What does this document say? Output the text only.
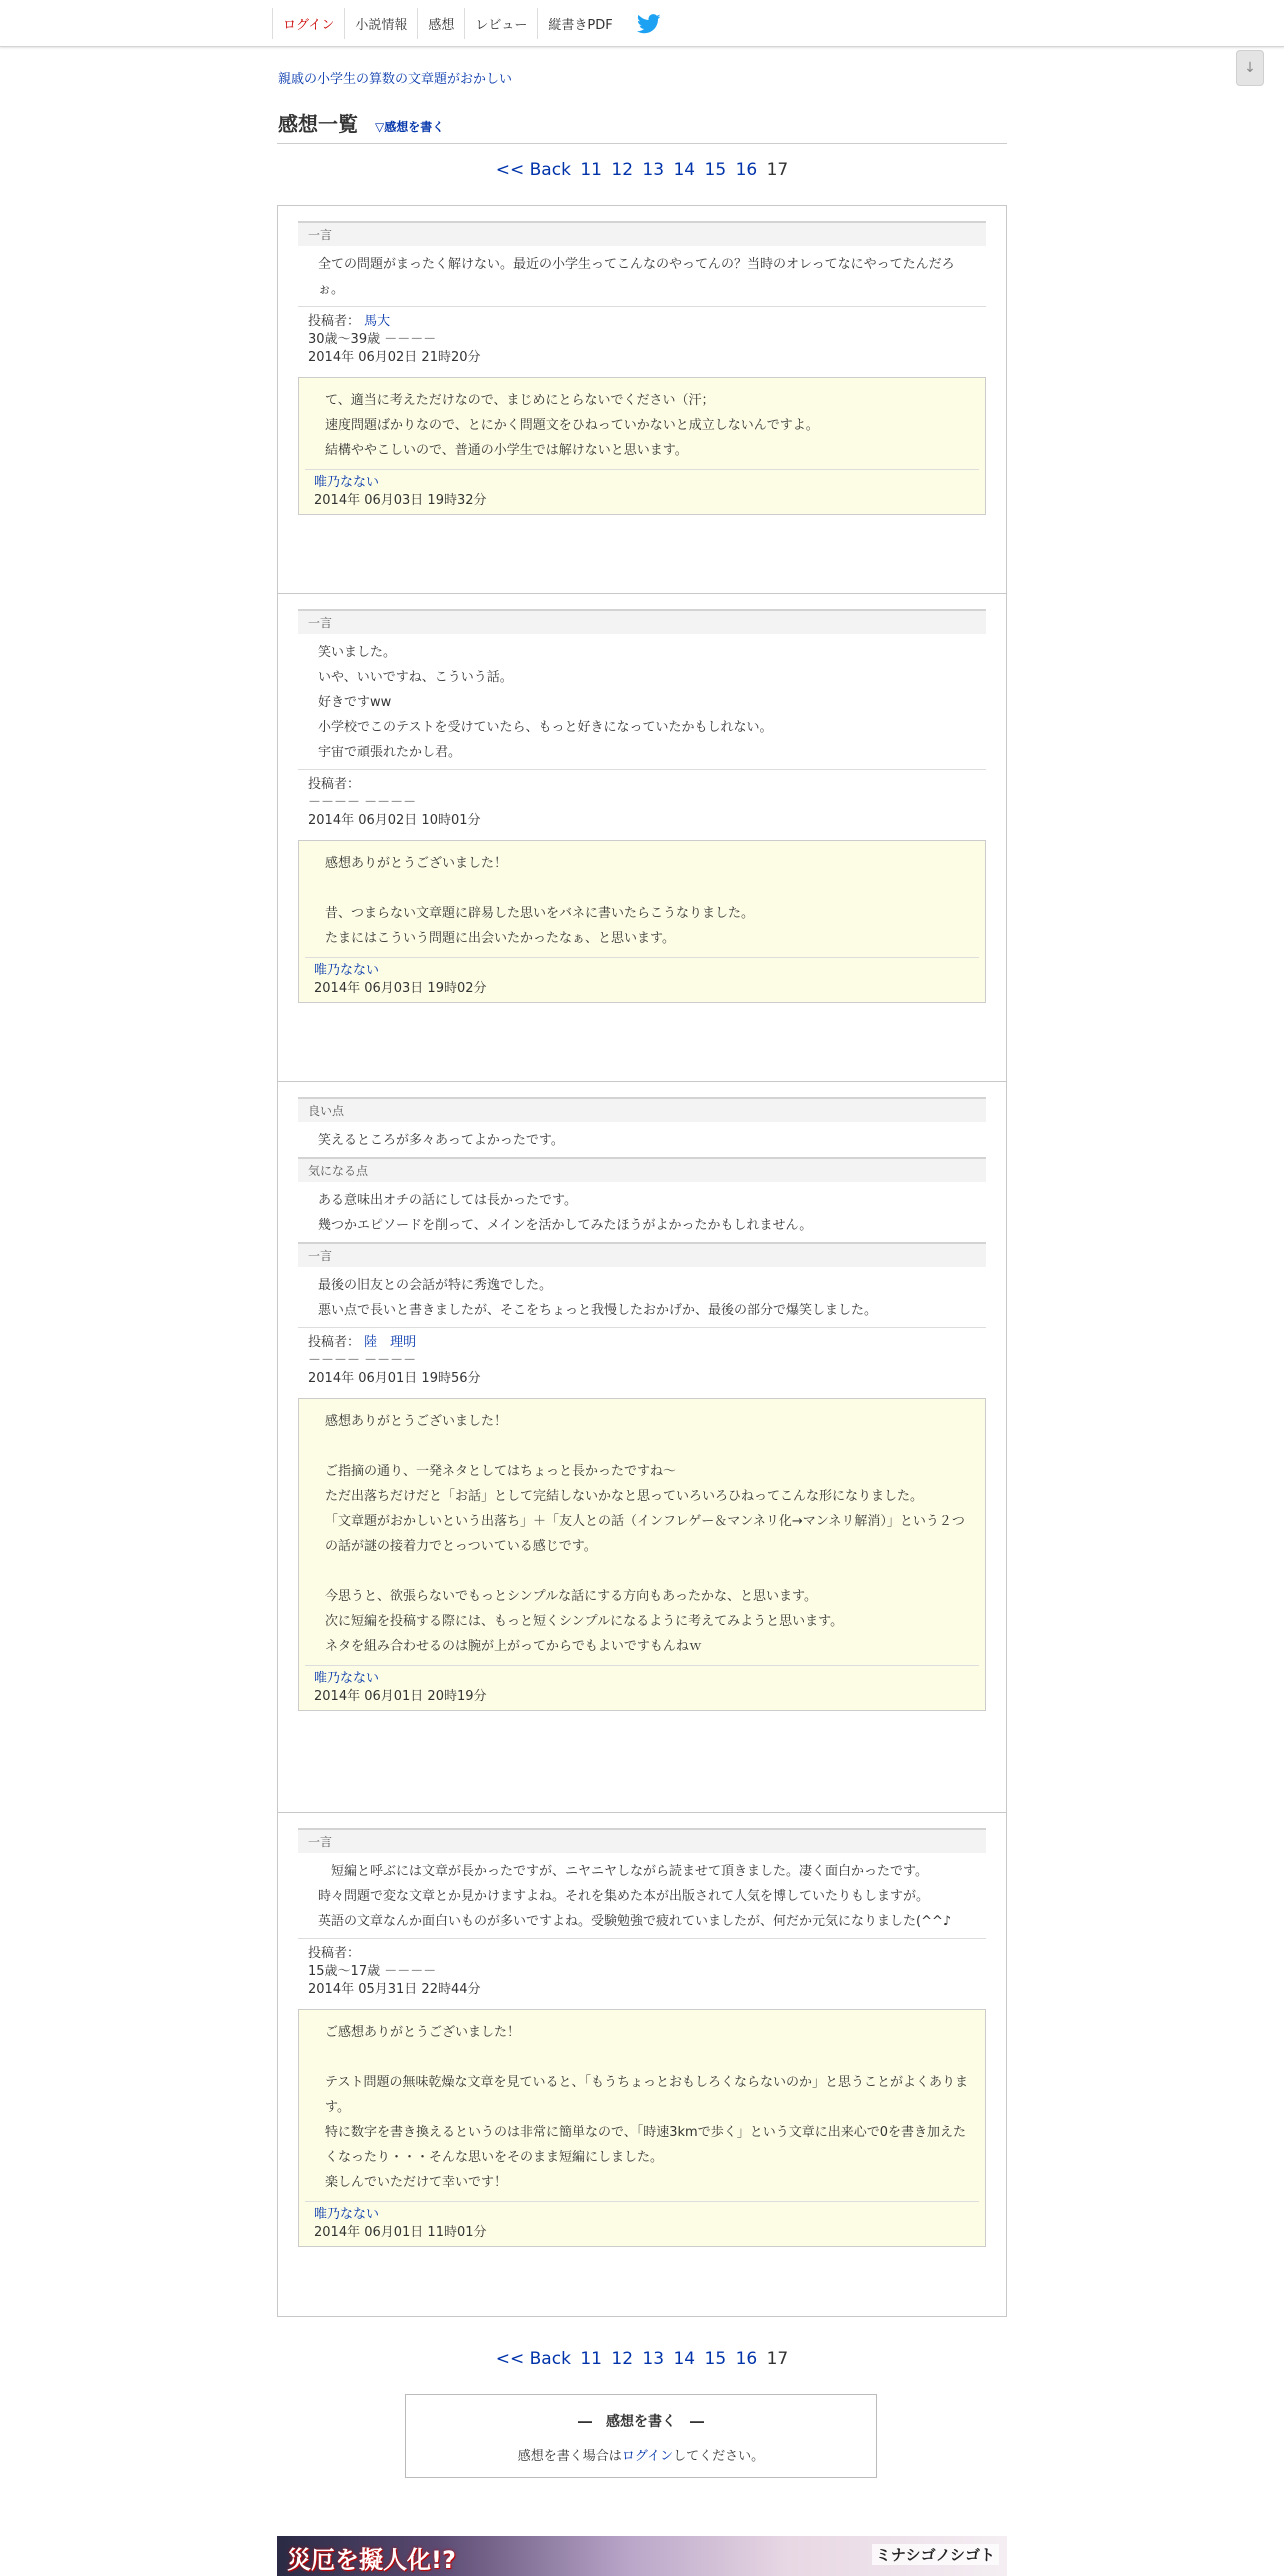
ログイン	小説情報	感想	レビュー	縦書きPDF
↓
親戚の小学生の算数の文章題がおかしい
感想一覧 ▽感想を書く
<< Back 11 12 13 14 15 16 17
一言
全ての問題がまったく解けない。最近の小学生ってこんなのやってんの？当時のオレってなにやってたんだろぉ。
投稿者： 馬大
30歳～39歳 －－－－
2014年 06月02日 21時20分
て、適当に考えただけなので、まじめにとらないでください（汗；
速度問題ばかりなので、とにかく問題文をひねっていかないと成立しないんですよ。
結構ややこしいので、普通の小学生では解けないと思います。
唯乃なない
2014年 06月03日 19時32分
一言
笑いました。
いや、いいですね、こういう話。
好きですww
小学校でこのテストを受けていたら、もっと好きになっていたかもしれない。
宇宙で頑張れたかし君。
投稿者：
－－－－ －－－－
2014年 06月02日 10時01分
感想ありがとうございました！

昔、つまらない文章題に辟易した思いをバネに書いたらこうなりました。
たまにはこういう問題に出会いたかったなぁ、と思います。
唯乃なない
2014年 06月03日 19時02分
良い点
笑えるところが多々あってよかったです。
気になる点
ある意味出オチの話にしては長かったです。
幾つかエピソードを削って、メインを活かしてみたほうがよかったかもしれません。
一言
最後の旧友との会話が特に秀逸でした。
悪い点で長いと書きましたが、そこをちょっと我慢したおかげか、最後の部分で爆笑しました。
投稿者： 陸　理明
－－－－ －－－－
2014年 06月01日 19時56分
感想ありがとうございました！

ご指摘の通り、一発ネタとしてはちょっと長かったですね～
ただ出落ちだけだと「お話」として完結しないかなと思っていろいろひねってこんな形になりました。
「文章題がおかしいという出落ち」＋「友人との話（インフレゲー＆マンネリ化→マンネリ解消）」という２つの話が謎の接着力でとっついている感じです。

今思うと、欲張らないでもっとシンプルな話にする方向もあったかな、と思います。
次に短編を投稿する際には、もっと短くシンプルになるように考えてみようと思います。
ネタを組み合わせるのは腕が上がってからでもよいですもんねｗ
唯乃なない
2014年 06月01日 20時19分
一言
　短編と呼ぶには文章が長かったですが、ニヤニヤしながら読ませて頂きました。凄く面白かったです。
時々問題で変な文章とか見かけますよね。それを集めた本が出版されて人気を博していたりもしますが。
英語の文章なんか面白いものが多いですよね。受験勉強で疲れていましたが、何だか元気になりました(^^♪
投稿者：
15歳～17歳 －－－－
2014年 05月31日 22時44分
ご感想ありがとうございました！

テスト問題の無味乾燥な文章を見ていると、「もうちょっとおもしろくならないのか」と思うことがよくあります。
特に数字を書き換えるというのは非常に簡単なので、「時速3kmで歩く」という文章に出来心で0を書き加えたくなったり・・・そんな思いをそのまま短編にしました。
楽しんでいただけて幸いです！
唯乃なない
2014年 06月01日 11時01分
<< Back 11 12 13 14 15 16 17
―　感想を書く　―
感想を書く場合はログインしてください。
災厄を擬人化!?	ミナシゴノシゴト
